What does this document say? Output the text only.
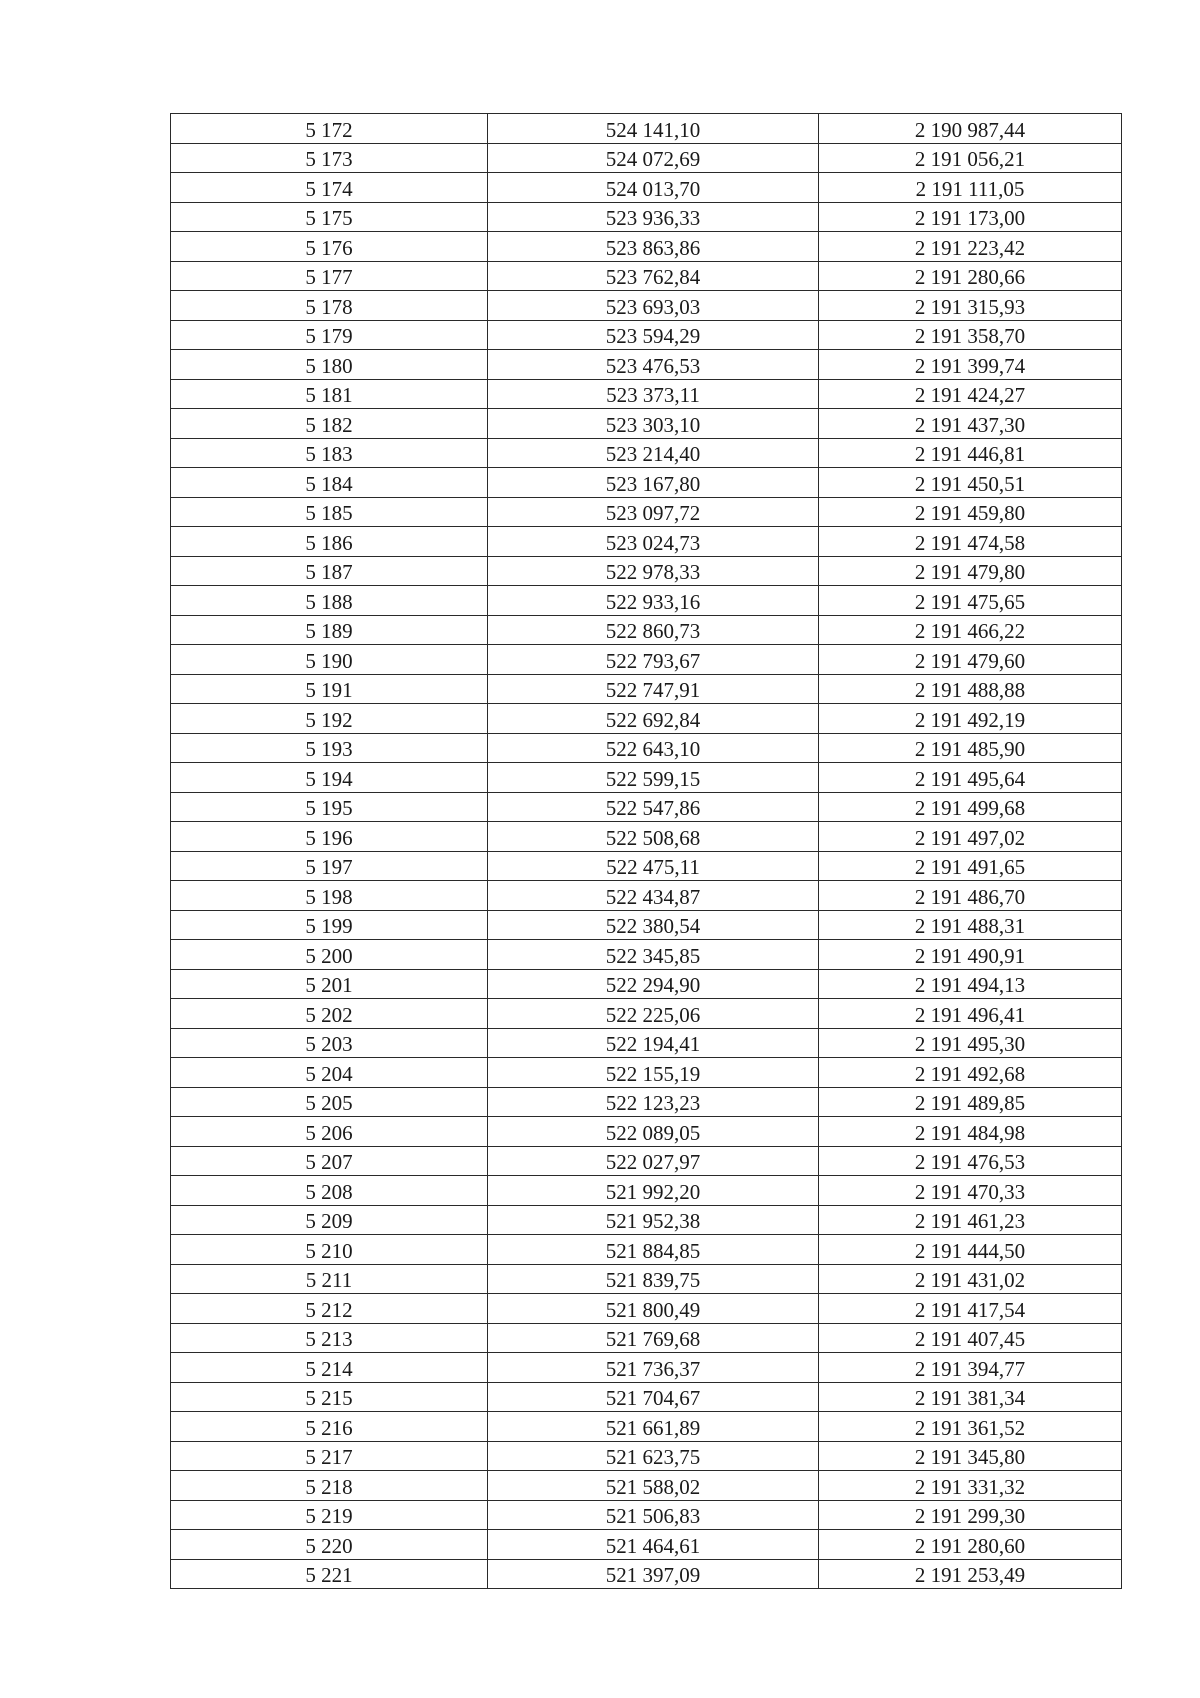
5 172	524 141,10	2 190 987,44
5 173	524 072,69	2 191 056,21
5 174	524 013,70	2 191 111,05
5 175	523 936,33	2 191 173,00
5 176	523 863,86	2 191 223,42
5 177	523 762,84	2 191 280,66
5 178	523 693,03	2 191 315,93
5 179	523 594,29	2 191 358,70
5 180	523 476,53	2 191 399,74
5 181	523 373,11	2 191 424,27
5 182	523 303,10	2 191 437,30
5 183	523 214,40	2 191 446,81
5 184	523 167,80	2 191 450,51
5 185	523 097,72	2 191 459,80
5 186	523 024,73	2 191 474,58
5 187	522 978,33	2 191 479,80
5 188	522 933,16	2 191 475,65
5 189	522 860,73	2 191 466,22
5 190	522 793,67	2 191 479,60
5 191	522 747,91	2 191 488,88
5 192	522 692,84	2 191 492,19
5 193	522 643,10	2 191 485,90
5 194	522 599,15	2 191 495,64
5 195	522 547,86	2 191 499,68
5 196	522 508,68	2 191 497,02
5 197	522 475,11	2 191 491,65
5 198	522 434,87	2 191 486,70
5 199	522 380,54	2 191 488,31
5 200	522 345,85	2 191 490,91
5 201	522 294,90	2 191 494,13
5 202	522 225,06	2 191 496,41
5 203	522 194,41	2 191 495,30
5 204	522 155,19	2 191 492,68
5 205	522 123,23	2 191 489,85
5 206	522 089,05	2 191 484,98
5 207	522 027,97	2 191 476,53
5 208	521 992,20	2 191 470,33
5 209	521 952,38	2 191 461,23
5 210	521 884,85	2 191 444,50
5 211	521 839,75	2 191 431,02
5 212	521 800,49	2 191 417,54
5 213	521 769,68	2 191 407,45
5 214	521 736,37	2 191 394,77
5 215	521 704,67	2 191 381,34
5 216	521 661,89	2 191 361,52
5 217	521 623,75	2 191 345,80
5 218	521 588,02	2 191 331,32
5 219	521 506,83	2 191 299,30
5 220	521 464,61	2 191 280,60
5 221	521 397,09	2 191 253,49
